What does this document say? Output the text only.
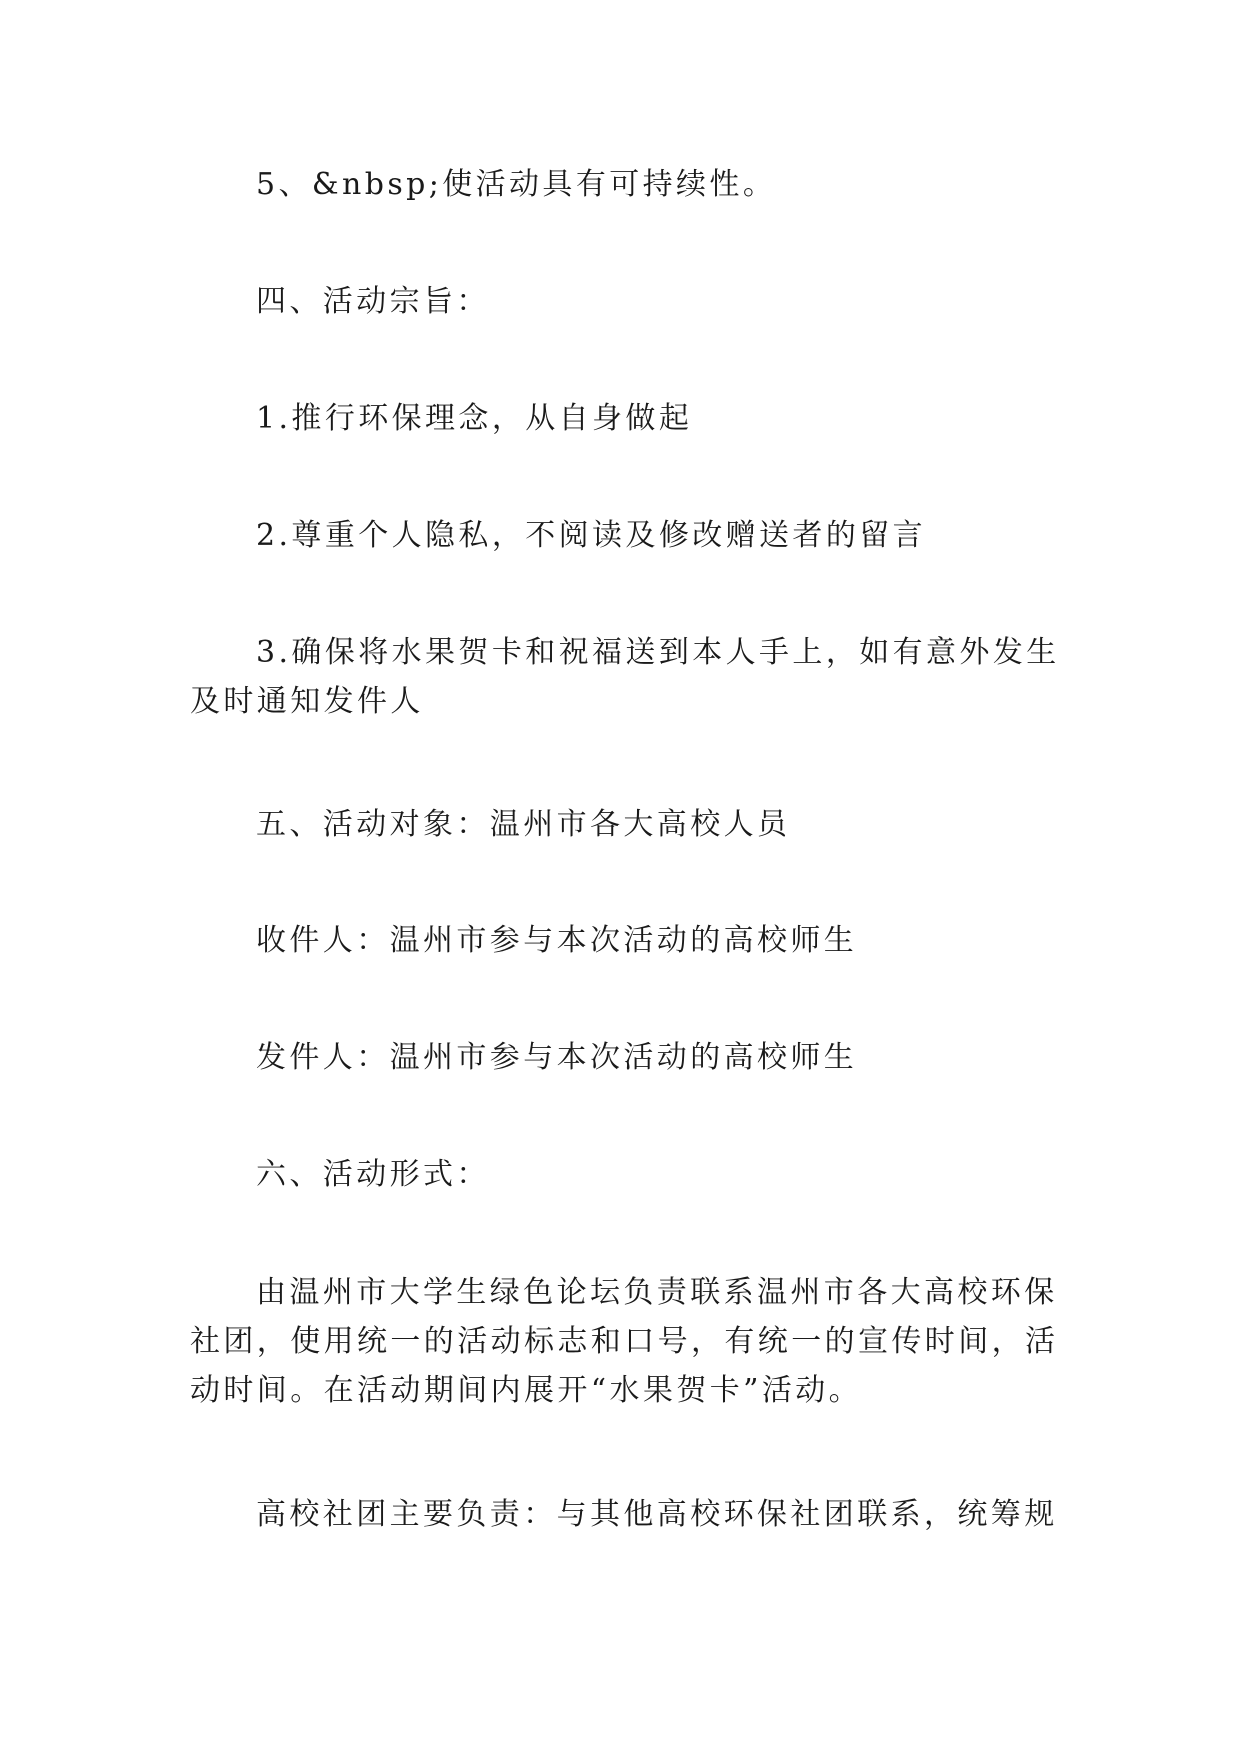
5、&nbsp;使活动具有可持续性。

四、活动宗旨：

1.推行环保理念，从自身做起

2.尊重个人隐私，不阅读及修改赠送者的留言

3.确保将水果贺卡和祝福送到本人手上，如有意外发生及时通知发件人

五、活动对象：温州市各大高校人员

收件人：温州市参与本次活动的高校师生

发件人：温州市参与本次活动的高校师生

六、活动形式：

由温州市大学生绿色论坛负责联系温州市各大高校环保社团，使用统一的活动标志和口号，有统一的宣传时间，活动时间。在活动期间内展开“水果贺卡”活动。

高校社团主要负责：与其他高校环保社团联系，统筹规
